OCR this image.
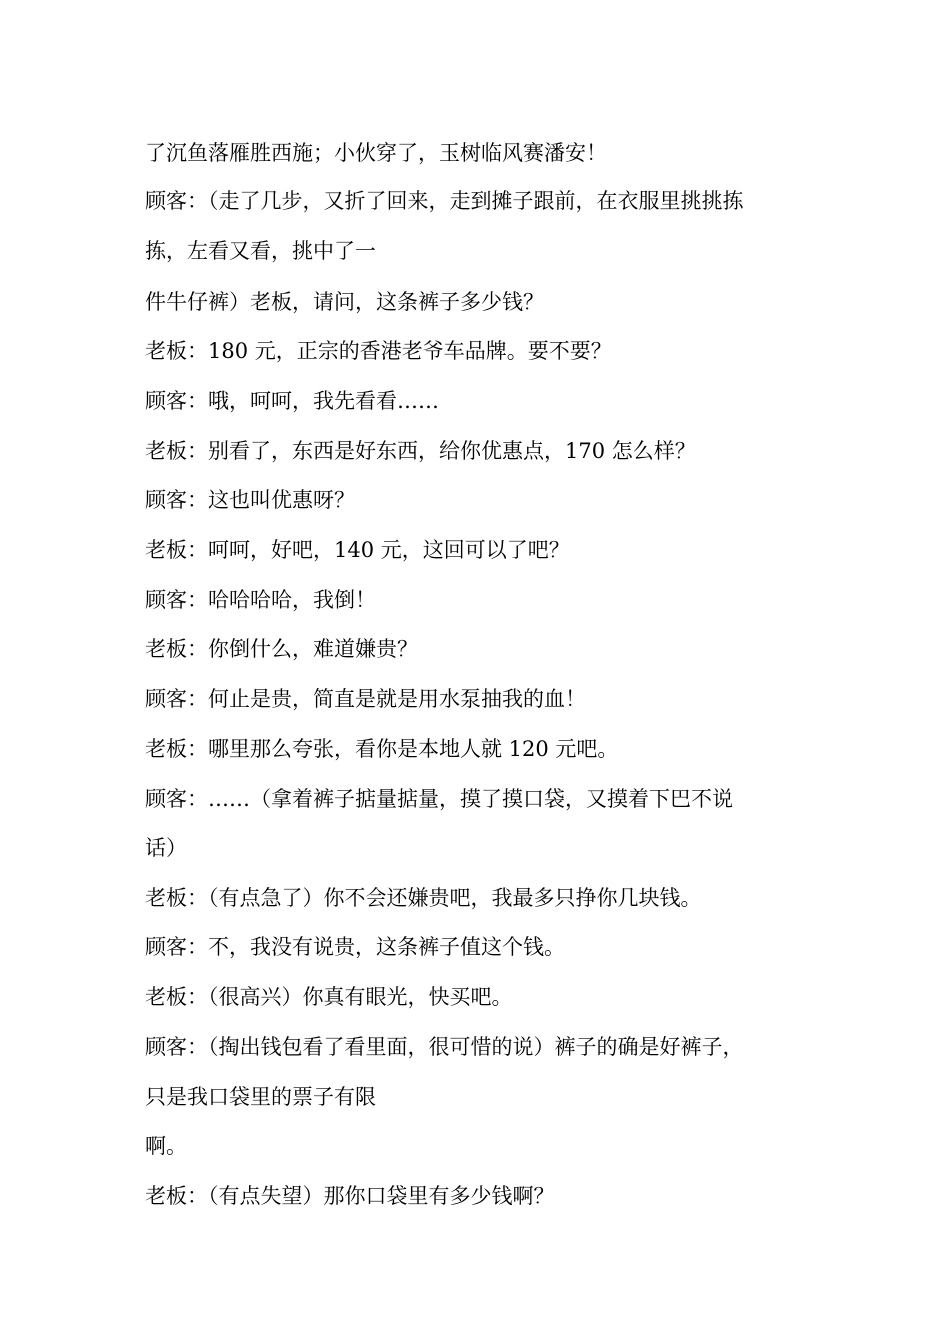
了沉鱼落雁胜西施；小伙穿了，玉树临风赛潘安！
顾客：（走了几步，又折了回来，走到摊子跟前，在衣服里挑挑拣
拣，左看又看，挑中了一
件牛仔裤）老板，请问，这条裤子多少钱？
老板：180 元，正宗的香港老爷车品牌。要不要？
顾客：哦，呵呵，我先看看……
老板：别看了，东西是好东西，给你优惠点，170 怎么样？
顾客：这也叫优惠呀？
老板：呵呵，好吧，140 元，这回可以了吧？
顾客：哈哈哈哈，我倒！
老板：你倒什么，难道嫌贵？
顾客：何止是贵，简直是就是用水泵抽我的血！
老板：哪里那么夸张，看你是本地人就 120 元吧。
顾客：……（拿着裤子掂量掂量，摸了摸口袋，又摸着下巴不说
话）
老板：（有点急了）你不会还嫌贵吧，我最多只挣你几块钱。
顾客：不，我没有说贵，这条裤子值这个钱。
老板：（很高兴）你真有眼光，快买吧。
顾客：（掏出钱包看了看里面，很可惜的说）裤子的确是好裤子，
只是我口袋里的票子有限
啊。
老板：（有点失望）那你口袋里有多少钱啊？
